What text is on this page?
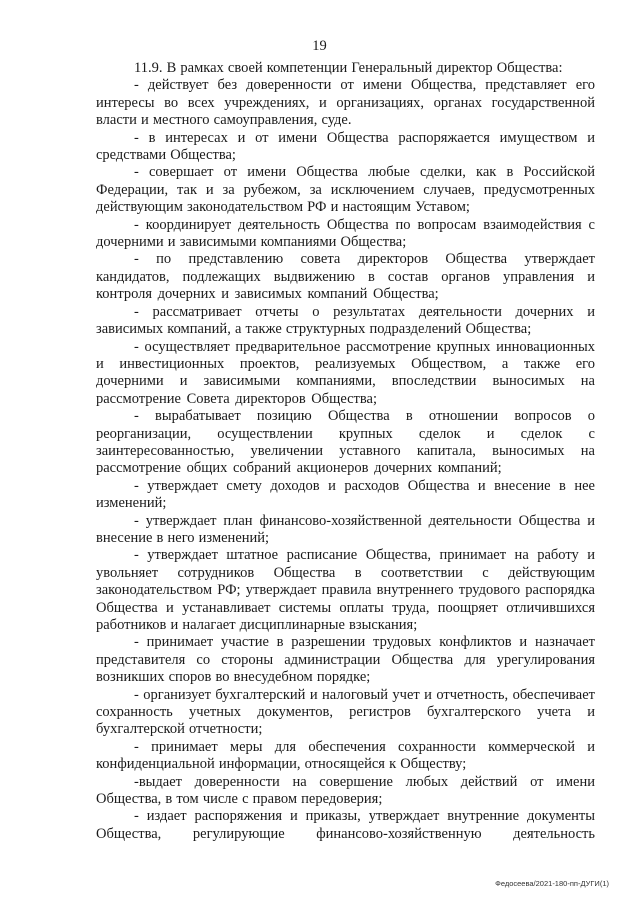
19

11.9. В рамках своей компетенции Генеральный директор Общества:

- действует без доверенности от имени Общества, представляет его интересы во всех учреждениях, и организациях, органах государственной власти и местного самоуправления, суде.

- в интересах и от имени Общества распоряжается имуществом и средствами Общества;

- совершает от имени Общества любые сделки, как в Российской Федерации, так и за рубежом, за исключением случаев, предусмотренных действующим законодательством РФ и настоящим Уставом;

- координирует деятельность Общества по вопросам взаимодействия с дочерними и зависимыми компаниями Общества;

- по представлению совета директоров Общества утверждает кандидатов, подлежащих выдвижению в состав органов управления и контроля дочерних и зависимых компаний Общества;

- рассматривает отчеты о результатах деятельности дочерних и зависимых компаний, а также структурных подразделений Общества;

- осуществляет предварительное рассмотрение крупных инновационных и инвестиционных проектов, реализуемых Обществом, а также его дочерними и зависимыми компаниями, впоследствии выносимых на рассмотрение Совета директоров Общества;

- вырабатывает позицию Общества в отношении вопросов о реорганизации, осуществлении крупных сделок и сделок с заинтересованностью, увеличении уставного капитала, выносимых на рассмотрение общих собраний акционеров дочерних компаний;

- утверждает смету доходов и расходов Общества и внесение в нее изменений;

- утверждает план финансово-хозяйственной деятельности Общества и внесение в него изменений;

- утверждает штатное расписание Общества, принимает на работу и увольняет сотрудников Общества в соответствии с действующим законодательством РФ; утверждает правила внутреннего трудового распорядка Общества и устанавливает системы оплаты труда, поощряет отличившихся работников и налагает дисциплинарные взыскания;

- принимает участие в разрешении трудовых конфликтов и назначает представителя со стороны администрации Общества для урегулирования возникших споров во внесудебном порядке;

- организует бухгалтерский и налоговый учет и отчетность, обеспечивает сохранность учетных документов, регистров бухгалтерского учета и бухгалтерской отчетности;

- принимает меры для обеспечения сохранности коммерческой и конфиденциальной информации, относящейся к Обществу;

-выдает доверенности на совершение любых действий от имени Общества, в том числе с правом передоверия;

- издает распоряжения и приказы, утверждает внутренние документы Общества, регулирующие финансово-хозяйственную деятельность

Федосеева/2021-180-пп-ДУГИ(1)
